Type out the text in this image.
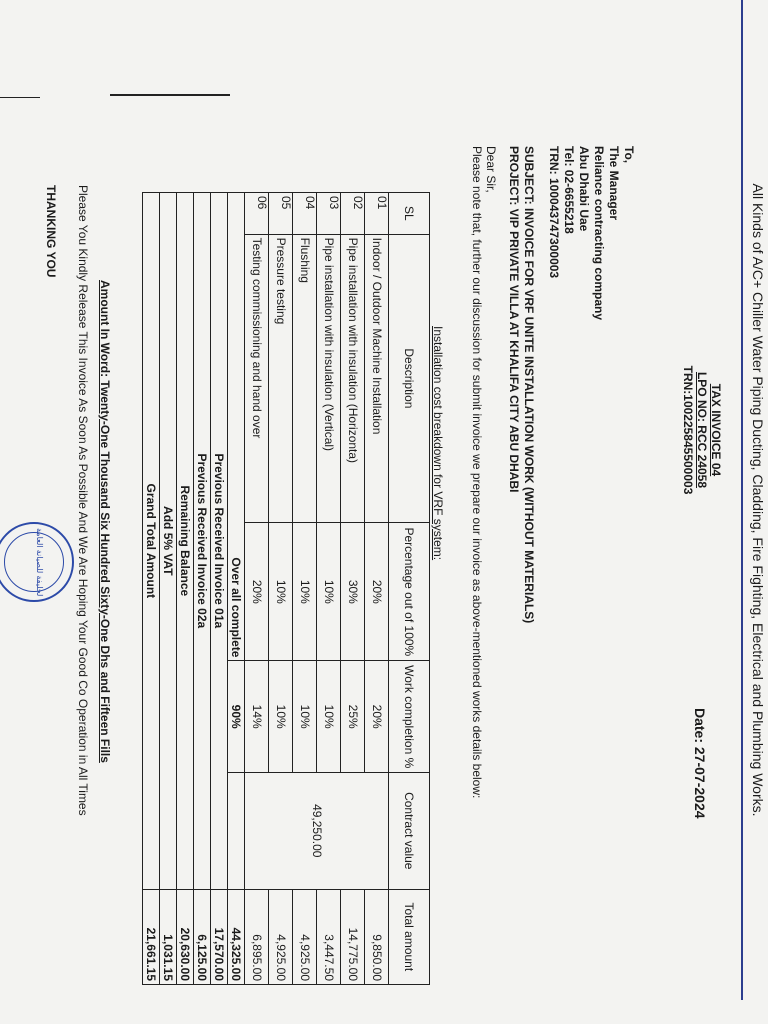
All Kinds of A/C+ Chiller Water Piping Ducting, Cladding, Fire Fighting, Electrical and Plumbing Works.
TAX INVOICE 04
LPO NO: RCC 24058
TRN:100225845500003
Date: 27-07-2024
To,
The Manager
Reliance contracting company
Abu Dhabi Uae
Tel: 02-6655218
TRN: 100043747300003
SUBJECT: INVOICE FOR VRF UNITE INSTALLATION WORK (WITHOUT MATERIALS)
PROJECT: VIP PRIVATE VILLA AT KHALIFA CITY ABU DHABI
Dear Sir,
Please note that, further our discussion for submit invoice we prepare our invoice as above-mentioned works details below:
Installation cost breakdown for VRF system:
SL	Description	Percentage out of 100%	Work completion %	Contract value	Total amount
01	Indoor / Outdoor Machine Installation	20%	20%	49,250.00	9,850.00
02	Pipe installation with insulation (Horizonta)	30%	25%		14,775.00
03	Pipe installation with insulation (Vertical)	10%	10%		3,447.50
04	Flushing	10%	10%		4,925.00
05	Pressure testing	10%	10%		4,925.00
06	Testing commissioning and hand over	20%	14%		6,895.00
Over all complete			90%		44,325.00
Previous Received Invoice 01a					17,570.00
Previous Received Invoice 02a					6,125.00
Remaining Balance					20,630.00
Add 5% VAT					1,031.15
Grand Total Amount					21,661.15
Amount In Word: Twenty-One Thousand Six Hundred Sixty-One Dhs and Fifteen Fills
Please You Kindly Release This Invoice As Soon As Possible And We Are Hoping Your Good Co Operation in All Times
THANKING YOU
لخليفة للصيانة العامة
